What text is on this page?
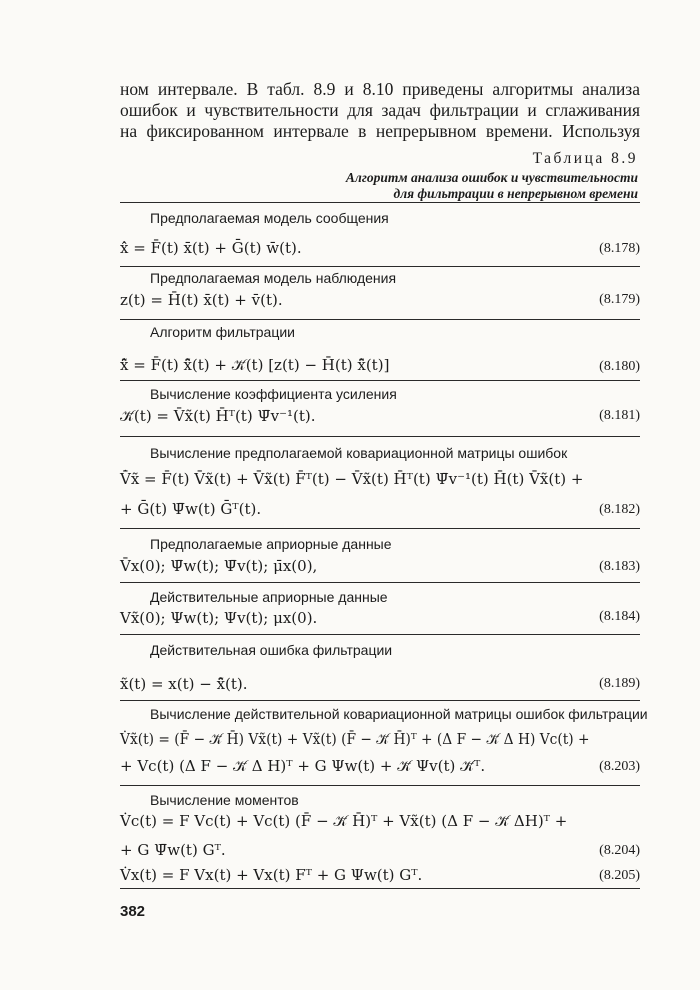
ном интервале. В табл. 8.9 и 8.10 приведены алгоритмы анализа
ошибок и чувствительности для задач фильтрации и сглаживания
на фиксированном интервале в непрерывном времени. Используя
Таблица 8.9
Алгоритм анализа ошибок и чувствительности
для фильтрации в непрерывном времени
Предполагаемая модель сообщения
x̂̇ = F̄(t) x̄(t) + Ḡ(t) w̄(t).	(8.178)
Предполагаемая модель наблюдения
z(t) = H̄(t) x̄(t) + v̄(t).	(8.179)
Алгоритм фильтрации
x̃̂̇ = F̄(t) x̃̂(t) + 𝒦̄(t) [z(t) − H̄(t) x̃̂(t)]	(8.180)
Вычисление коэффициента усиления
𝒦̄(t) = V̄x̃(t) H̄ᵀ(t) Ψ̄v⁻¹(t).	(8.181)
Вычисление предполагаемой ковариационной матрицы ошибок
V̄̇x̃ = F̄(t) V̄x̃(t) + V̄x̃(t) F̄ᵀ(t) − V̄x̃(t) H̄ᵀ(t) Ψ̄v⁻¹(t) H̄(t) V̄x̃(t) +
+ Ḡ(t) Ψ̄w(t) Ḡᵀ(t).	(8.182)
Предполагаемые априорные данные
V̄x(0); Ψ̄w(t); Ψ̄v(t); μ̄x(0),	(8.183)
Действительные априорные данные
Vx̃(0); Ψw(t); Ψv(t); μx(0).	(8.184)
Действительная ошибка фильтрации
x̃(t) = x(t) − x̃̂(t).	(8.189)
Вычисление действительной ковариационной матрицы ошибок фильтрации
V̇x̃(t) = (F̄ − 𝒦̄ H̄) Vx̃(t) + Vx̃(t) (F̄ − 𝒦̄ H̄)ᵀ + (Δ F − 𝒦̄ Δ H) Vc(t) +
+ Vc(t) (Δ F − 𝒦̄ Δ H)ᵀ + G Ψw(t) + 𝒦̄ Ψv(t) 𝒦̄ᵀ.	(8.203)
Вычисление моментов
V̇c(t) = F Vc(t) + Vc(t) (F̄ − 𝒦̄ H̄)ᵀ + Vx̃(t) (Δ F − 𝒦̄ ΔH)ᵀ +
+ G Ψ̄w(t) Gᵀ.	(8.204)
V̇x(t) = F Vx(t) + Vx(t) Fᵀ + G Ψw(t) Gᵀ.	(8.205)
382
